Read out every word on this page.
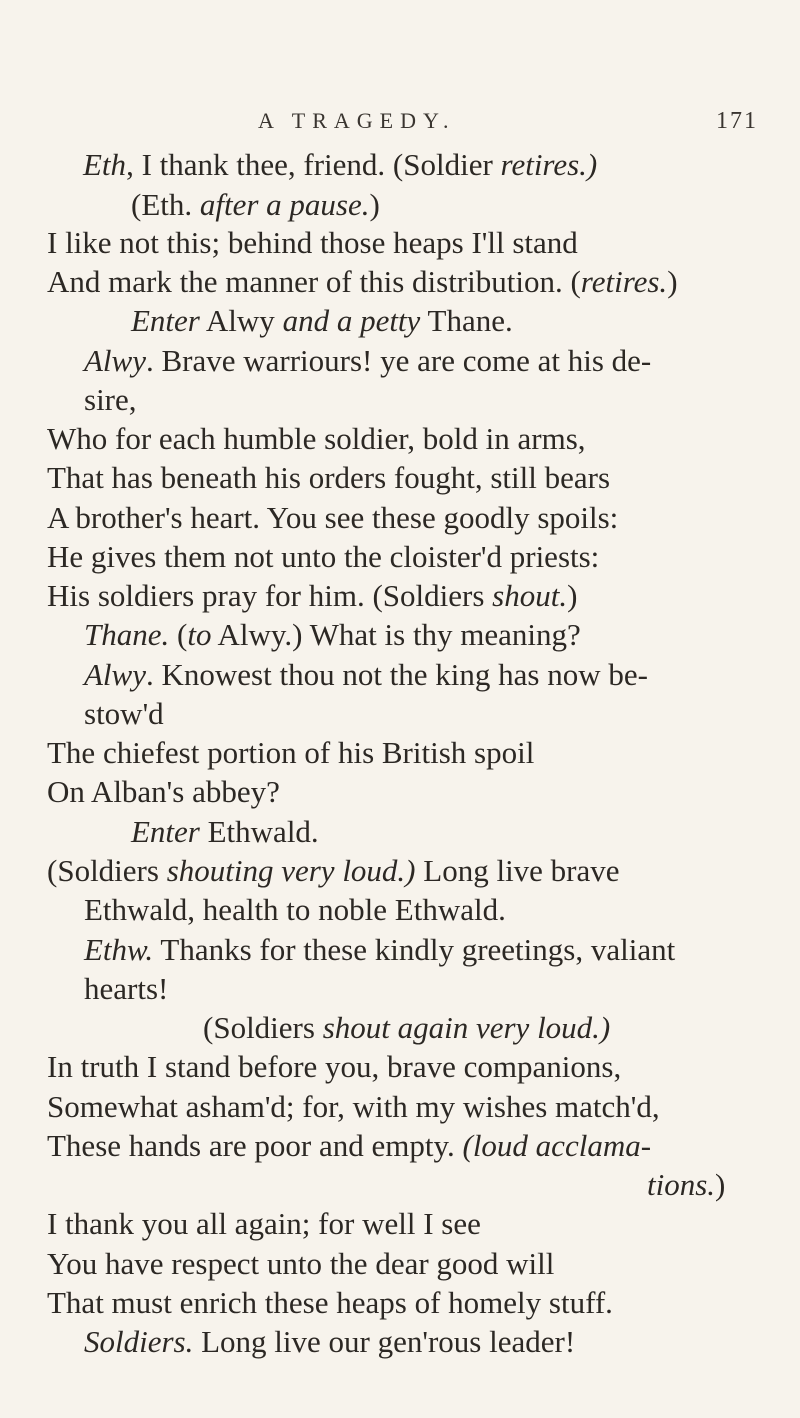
A TRAGEDY.	171
Eth, I thank thee, friend. (Soldier retires.)
(Eth. after a pause.)
I like not this; behind those heaps I'll stand
And mark the manner of this distribution. (retires.)
Enter Alwy and a petty Thane.
Alwy. Brave warriours! ye are come at his de-
sire,
Who for each humble soldier, bold in arms,
That has beneath his orders fought, still bears
A brother's heart. You see these goodly spoils:
He gives them not unto the cloister'd priests:
His soldiers pray for him. (Soldiers shout.)
Thane. (to Alwy.) What is thy meaning?
Alwy. Knowest thou not the king has now be-
stow'd
The chiefest portion of his British spoil
On Alban's abbey?
Enter Ethwald.
(Soldiers shouting very loud.) Long live brave
Ethwald, health to noble Ethwald.
Ethw. Thanks for these kindly greetings, valiant
hearts!
(Soldiers shout again very loud.)
In truth I stand before you, brave companions,
Somewhat asham'd; for, with my wishes match'd,
These hands are poor and empty. (loud acclama-
tions.)
I thank you all again; for well I see
You have respect unto the dear good will
That must enrich these heaps of homely stuff.
Soldiers. Long live our gen'rous leader!
